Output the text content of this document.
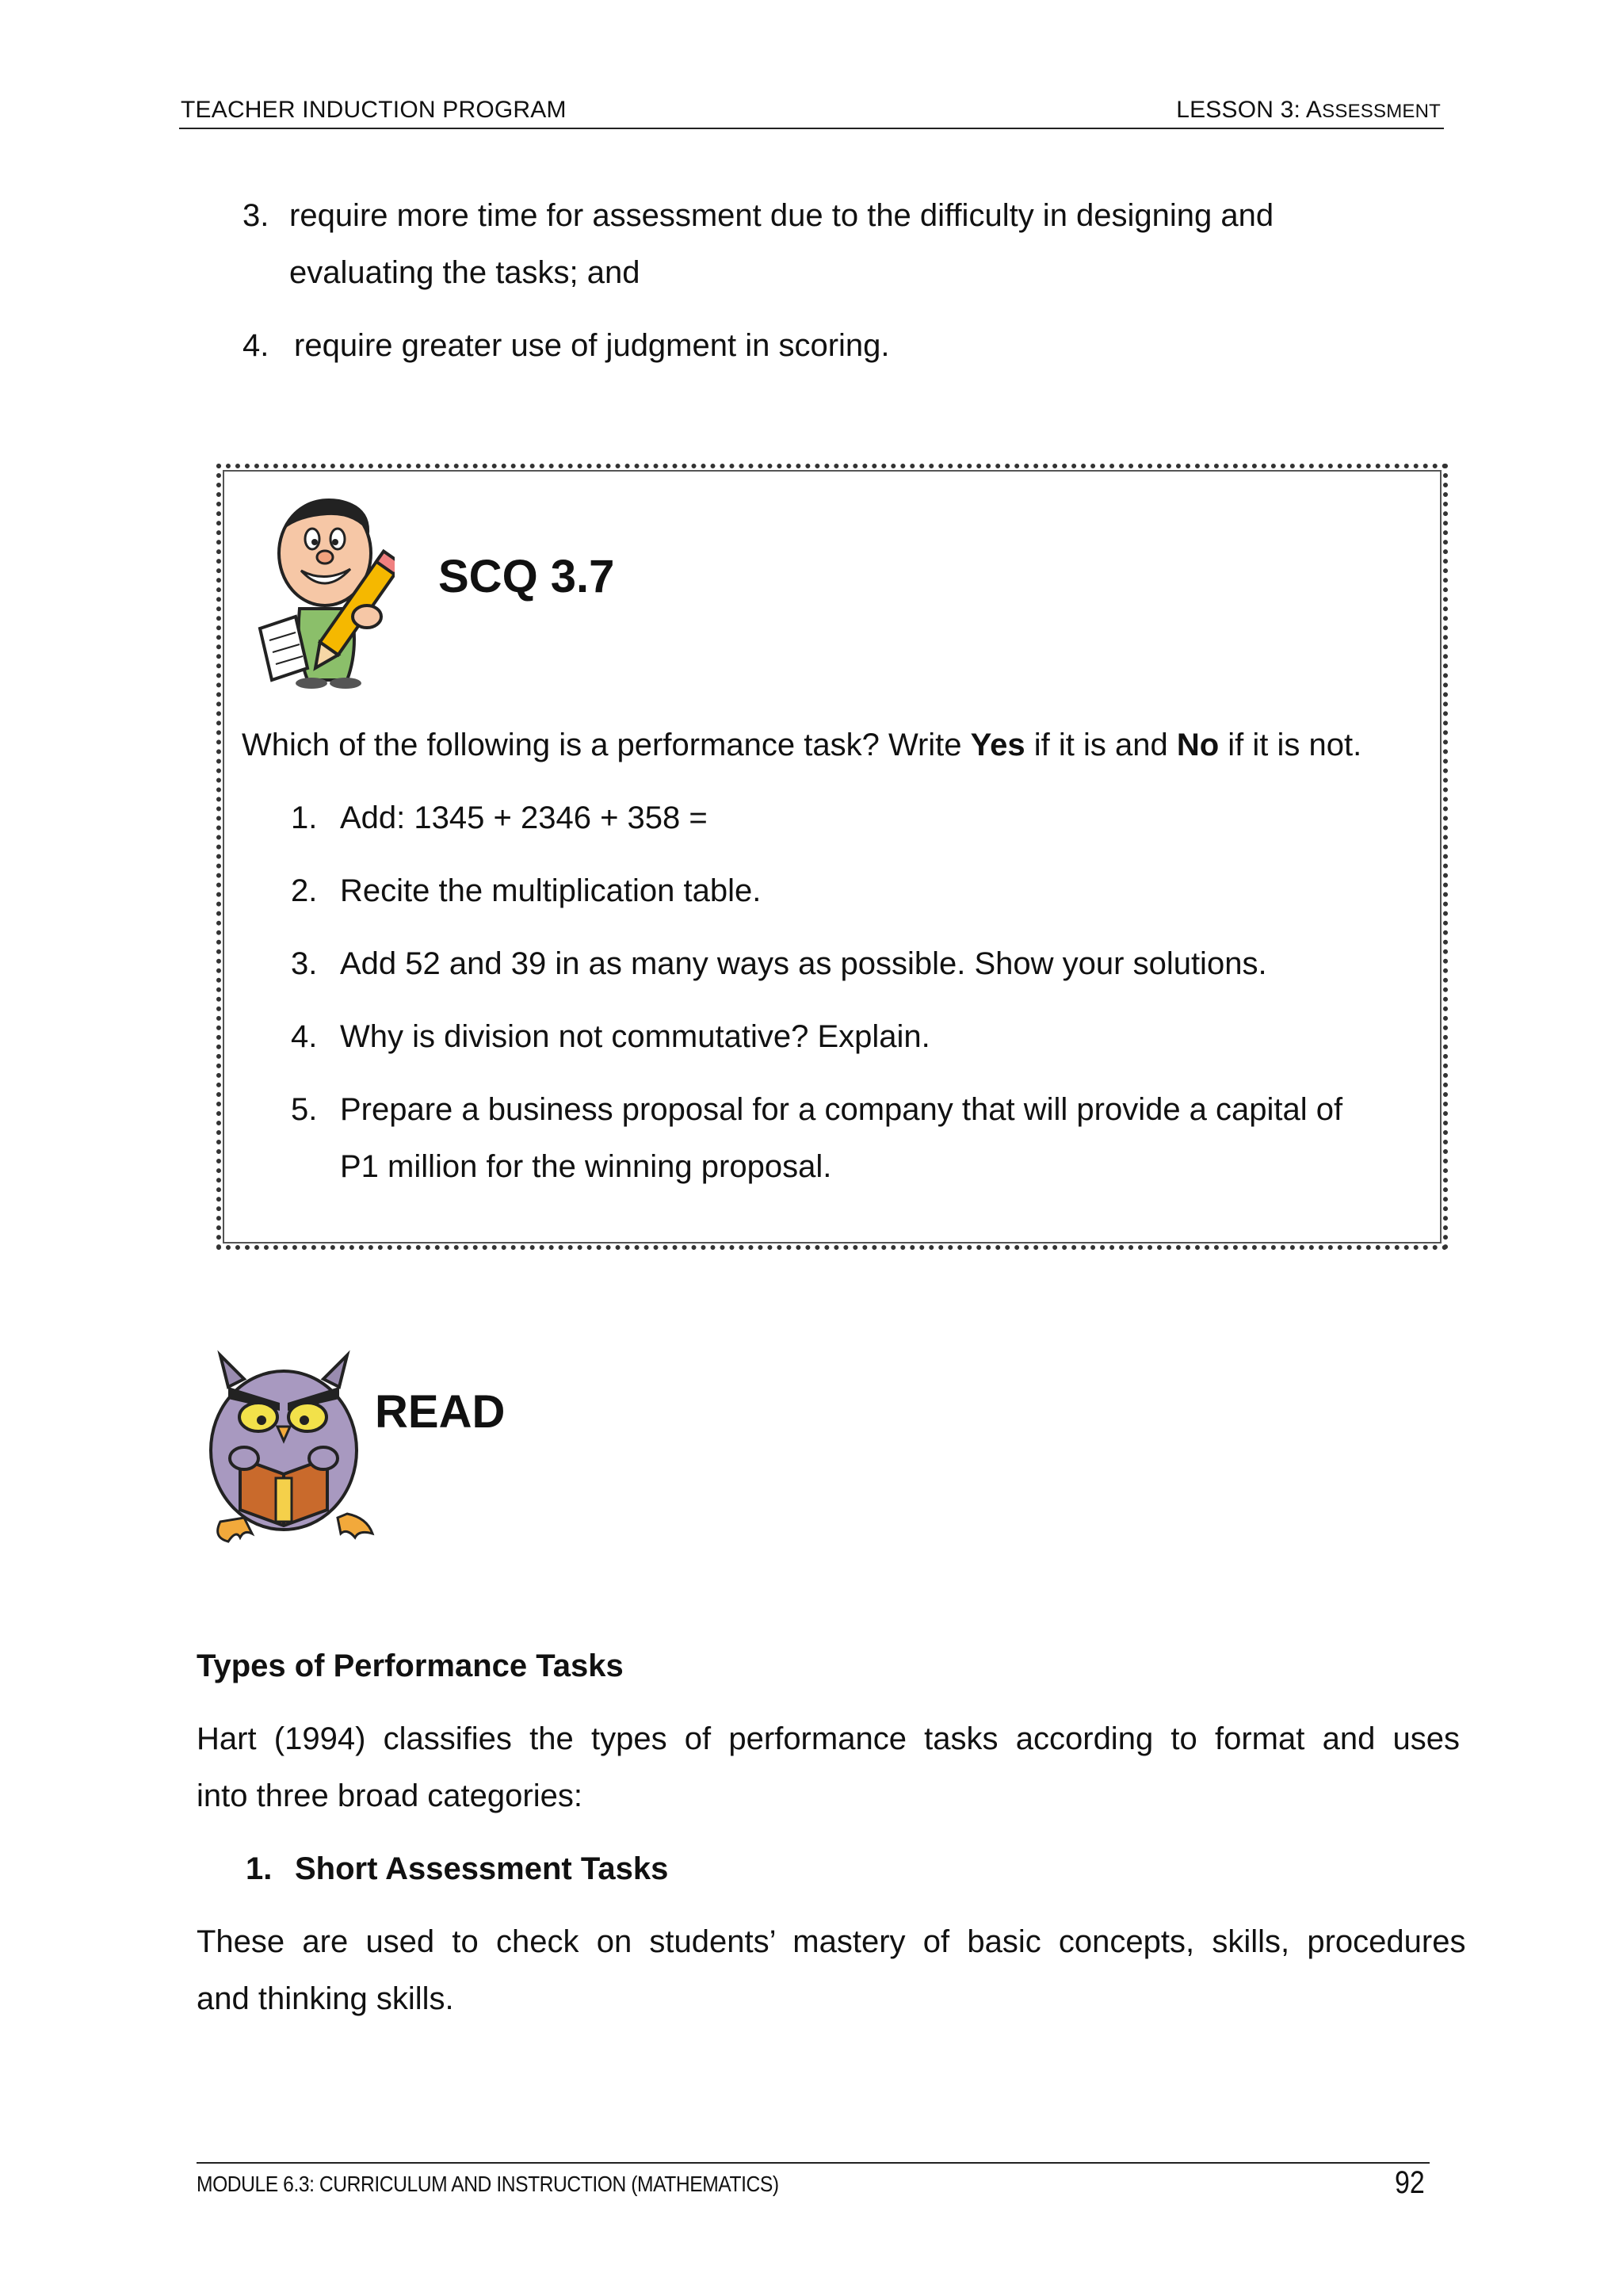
TEACHER INDUCTION PROGRAM	LESSON 3: ASSESSMENT
3. require more time for assessment due to the difficulty in designing and
evaluating the tasks; and
4. require greater use of judgment in scoring.
SCQ 3.7
Which of the following is a performance task? Write Yes if it is and No if it is not.
1. Add: 1345 + 2346 + 358 =
2. Recite the multiplication table.
3. Add 52 and 39 in as many ways as possible. Show your solutions.
4. Why is division not commutative? Explain.
5. Prepare a business proposal for a company that will provide a capital of
P1 million for the winning proposal.
READ
Types of Performance Tasks
Hart  (1994)  classifies  the  types  of  performance  tasks  according  to  format  and  uses
into three broad categories:
1. Short Assessment Tasks
These  are  used  to  check  on  students’  mastery  of  basic  concepts,  skills,  procedures
and thinking skills.
MODULE 6.3: CURRICULUM AND INSTRUCTION (MATHEMATICS)	92
